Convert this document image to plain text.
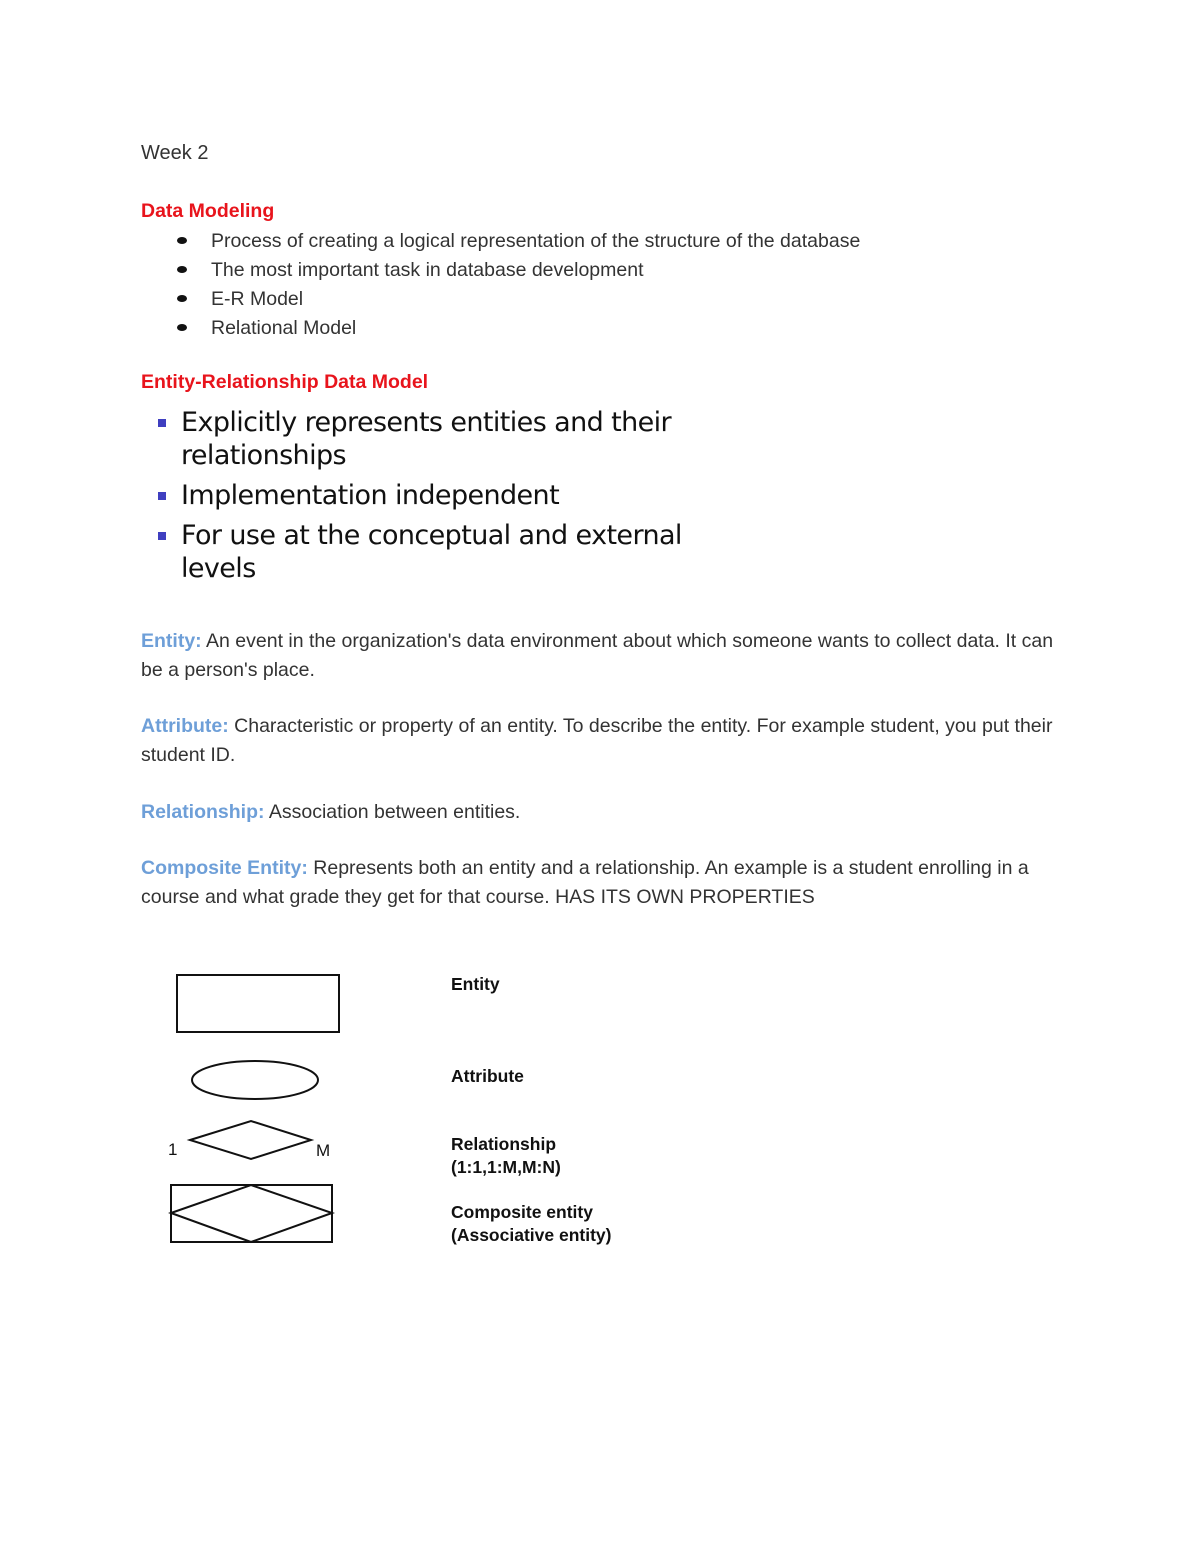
Week 2
Data Modeling
Process of creating a logical representation of the structure of the database
The most important task in database development
E-R Model
Relational Model
Entity-Relationship Data Model
Explicitly represents entities and their relationships
Implementation independent
For use at the conceptual and external levels
Entity: An event in the organization's data environment about which someone wants to collect data. It can be a person's place.
Attribute: Characteristic or property of an entity. To describe the entity. For example student, you put their student ID.
Relationship: Association between entities.
Composite Entity: Represents both an entity and a relationship. An example is a student enrolling in a course and what grade they get for that course. HAS ITS OWN PROPERTIES
1	M
Entity
Attribute
Relationship
(1:1,1:M,M:N)
Composite entity
(Associative entity)
